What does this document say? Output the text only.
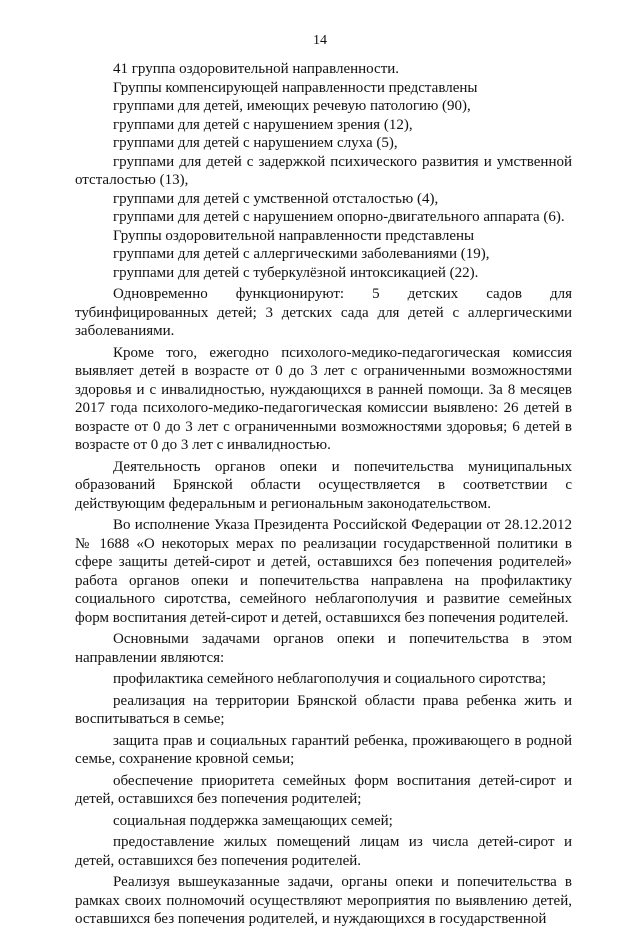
14

41 группа оздоровительной направленности.

Группы компенсирующей направленности представлены

группами для детей, имеющих речевую патологию (90),

группами для детей с нарушением зрения (12),

группами для детей с нарушением слуха (5),

группами для детей с задержкой психического развития и умственной отсталостью (13),

группами для детей с умственной отсталостью (4),

группами для детей с нарушением опорно-двигательного аппарата (6).

Группы оздоровительной направленности представлены

группами для детей с аллергическими заболеваниями (19),

группами для детей с туберкулёзной интоксикацией (22).

Одновременно функционируют: 5 детских садов для тубинфицированных детей; 3 детских сада для детей с аллергическими заболеваниями.

Кроме того, ежегодно психолого-медико-педагогическая комиссия выявляет детей в возрасте от 0 до 3 лет с ограниченными возможностями здоровья и с инвалидностью, нуждающихся в ранней помощи. За 8 месяцев 2017 года психолого-медико-педагогическая комиссии выявлено: 26 детей в возрасте от 0 до 3 лет с ограниченными возможностями здоровья; 6 детей в возрасте от 0 до 3 лет с инвалидностью.

Деятельность органов опеки и попечительства муниципальных образований Брянской области осуществляется в соответствии с действующим федеральным и региональным законодательством.

Во исполнение Указа Президента Российской Федерации от 28.12.2012 № 1688 «О некоторых мерах по реализации государственной политики в сфере защиты детей-сирот и детей, оставшихся без попечения родителей» работа органов опеки и попечительства направлена на профилактику социального сиротства, семейного неблагополучия и развитие семейных форм воспитания детей-сирот и детей, оставшихся без попечения родителей.

Основными задачами органов опеки и попечительства в этом направлении являются:

профилактика семейного неблагополучия и социального сиротства;

реализация на территории Брянской области права ребенка жить и воспитываться в семье;

защита прав и социальных гарантий ребенка, проживающего в родной семье, сохранение кровной семьи;

обеспечение приоритета семейных форм воспитания детей-сирот и детей, оставшихся без попечения родителей;

социальная поддержка замещающих семей;

предоставление жилых помещений лицам из числа детей-сирот и детей, оставшихся без попечения родителей.

Реализуя вышеуказанные задачи, органы опеки и попечительства в рамках своих полномочий осуществляют мероприятия по выявлению детей, оставшихся без попечения родителей, и нуждающихся в государственной
